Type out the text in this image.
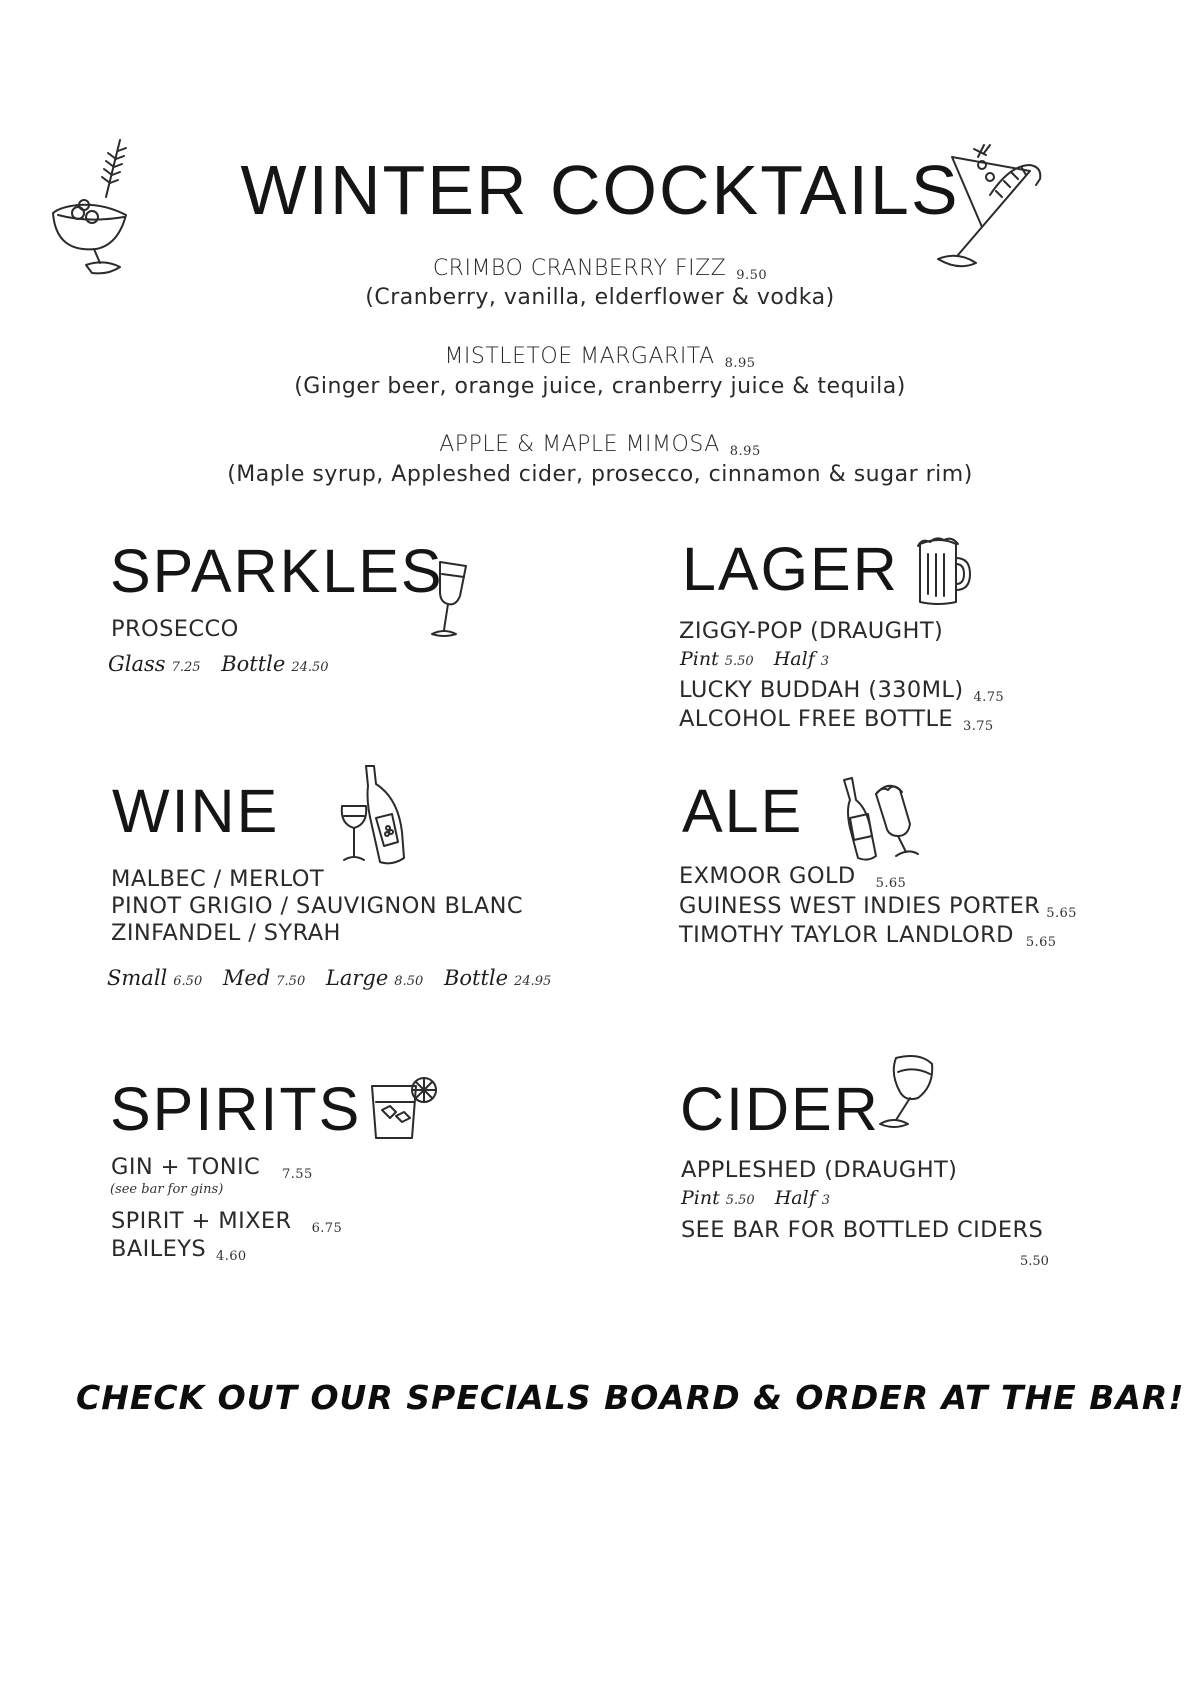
WINTER COCKTAILS
CRIMBO CRANBERRY FIZZ 9.50
(Cranberry, vanilla, elderflower & vodka)
MISTLETOE MARGARITA 8.95
(Ginger beer, orange juice, cranberry juice & tequila)
APPLE & MAPLE MIMOSA 8.95
(Maple syrup, Appleshed cider, prosecco, cinnamon & sugar rim)
SPARKLES
PROSECCO
Glass 7.25 Bottle 24.50
LAGER
ZIGGY-POP (DRAUGHT)
Pint 5.50 Half 3
LUCKY BUDDAH (330ML) 4.75
ALCOHOL FREE BOTTLE 3.75
WINE
MALBEC / MERLOT
PINOT GRIGIO / SAUVIGNON BLANC
ZINFANDEL / SYRAH
Small 6.50 Med 7.50 Large 8.50 Bottle 24.95
ALE
EXMOOR GOLD 5.65
GUINESS WEST INDIES PORTER 5.65
TIMOTHY TAYLOR LANDLORD 5.65
SPIRITS
GIN + TONIC 7.55
(see bar for gins)
SPIRIT + MIXER 6.75
BAILEYS 4.60
CIDER
APPLESHED (DRAUGHT)
Pint 5.50 Half 3
SEE BAR FOR BOTTLED CIDERS
5.50
CHECK OUT OUR SPECIALS BOARD & ORDER AT THE BAR!
